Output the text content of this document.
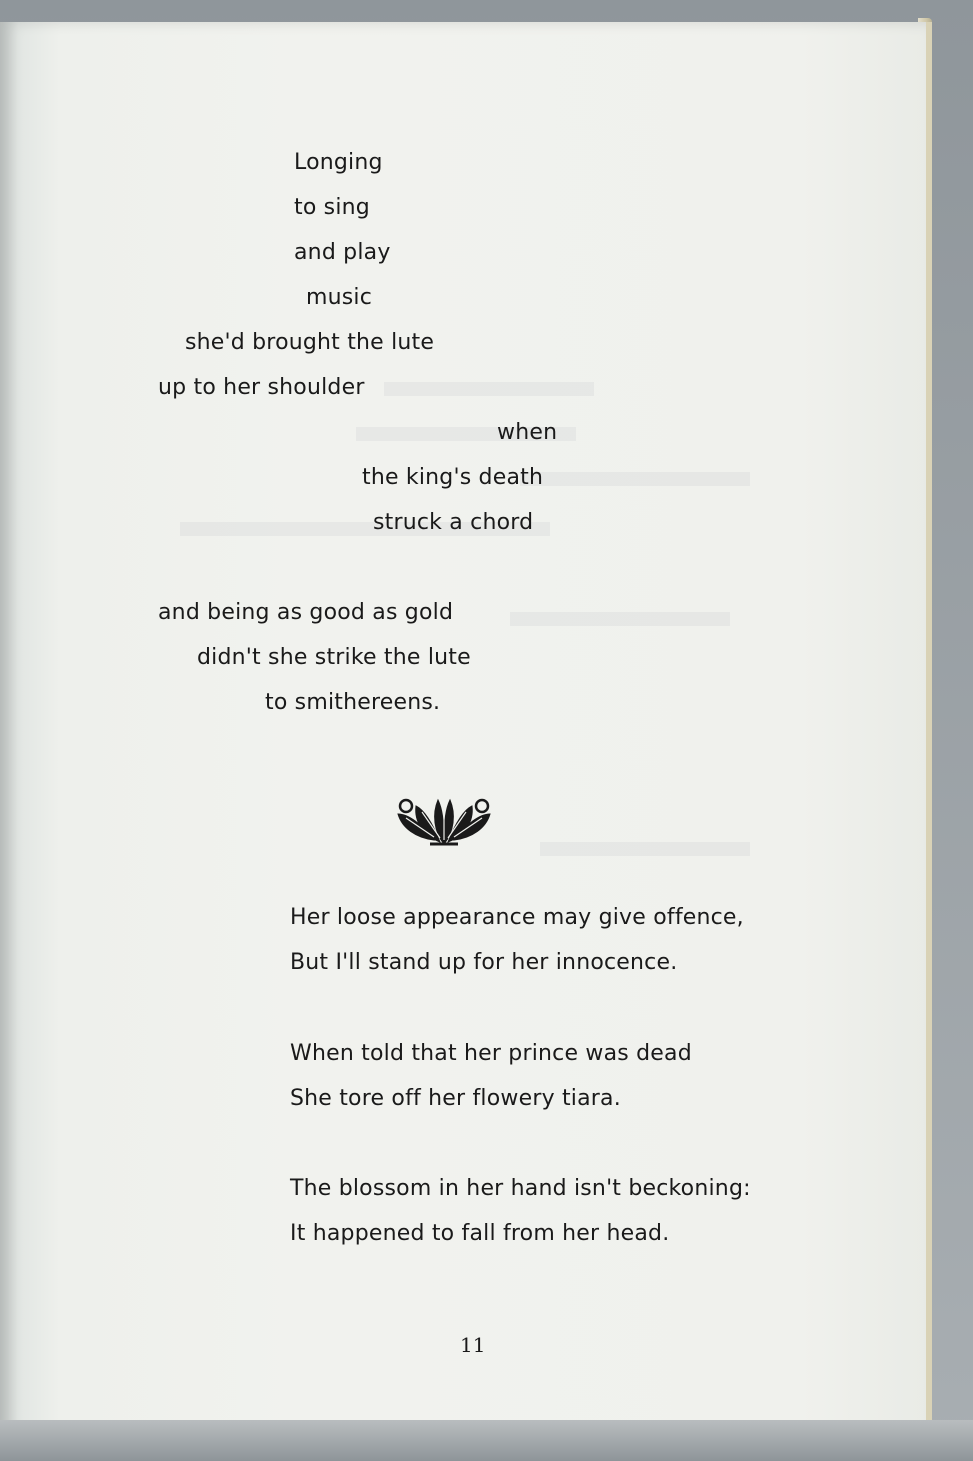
Longing
to sing
and play
music
she'd brought the lute
up to her shoulder
when
the king's death
struck a chord
and being as good as gold
didn't she strike the lute
to smithereens.
Her loose appearance may give offence,
But I'll stand up for her innocence.
When told that her prince was dead
She tore off her flowery tiara.
The blossom in her hand isn't beckoning:
It happened to fall from her head.
11
